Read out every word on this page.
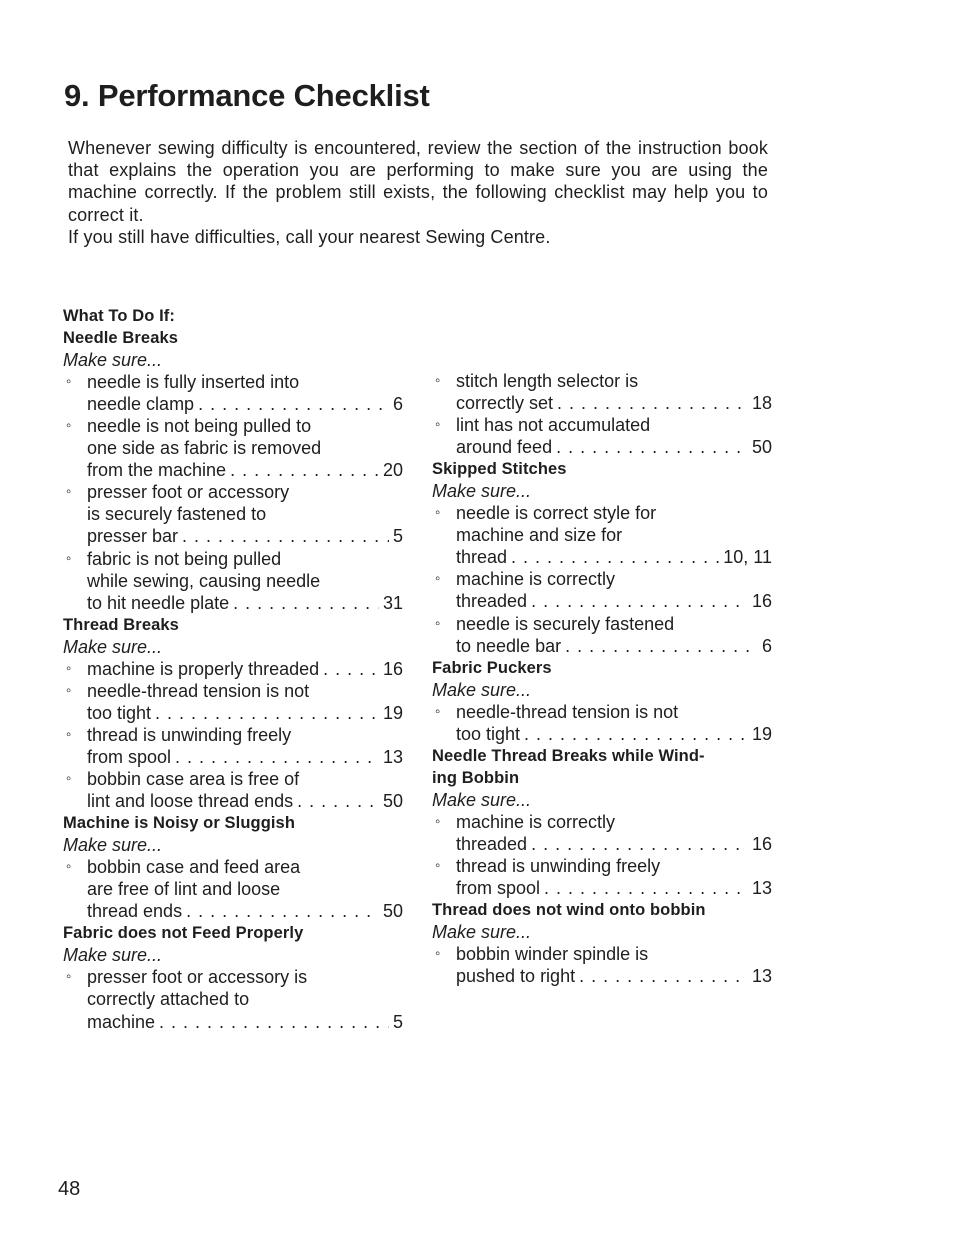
9. Performance Checklist

Whenever sewing difficulty is encountered, review the section of the instruction book that explains the operation you are performing to make sure you are using the machine correctly. If the problem still exists, the following checklist may help you to correct it.

If you still have difficulties, call your nearest Sewing Centre.

What To Do If:
Needle Breaks
Make sure...
◦ needle is fully inserted into
needle clamp . . .	6
◦ needle is not being pulled to
one side as fabric is removed
from the machine . . .	20
◦ presser foot or accessory
is securely fastened to
presser bar . . .	5
◦ fabric is not being pulled
while sewing, causing needle
to hit needle plate . . .	31
Thread Breaks
Make sure...
◦ machine is properly threaded . . .	16
◦ needle-thread tension is not
too tight . . .	19
◦ thread is unwinding freely
from spool . . .	13
◦ bobbin case area is free of
lint and loose thread ends . . .	50
Machine is Noisy or Sluggish
Make sure...
◦ bobbin case and feed area
are free of lint and loose
thread ends . . .	50
Fabric does not Feed Properly
Make sure...
◦ presser foot or accessory is
correctly attached to
machine . . .	5
◦ stitch length selector is
correctly set . . .	18
◦ lint has not accumulated
around feed . . .	50
Skipped Stitches
Make sure...
◦ needle is correct style for
machine and size for
thread . . .	10, 11
◦ machine is correctly
threaded . . .	16
◦ needle is securely fastened
to needle bar . . .	6
Fabric Puckers
Make sure...
◦ needle-thread tension is not
too tight . . .	19
Needle Thread Breaks while Wind-
ing Bobbin
Make sure...
◦ machine is correctly
threaded . . .	16
◦ thread is unwinding freely
from spool . . .	13
Thread does not wind onto bobbin
Make sure...
◦ bobbin winder spindle is
pushed to right . . .	13
48
